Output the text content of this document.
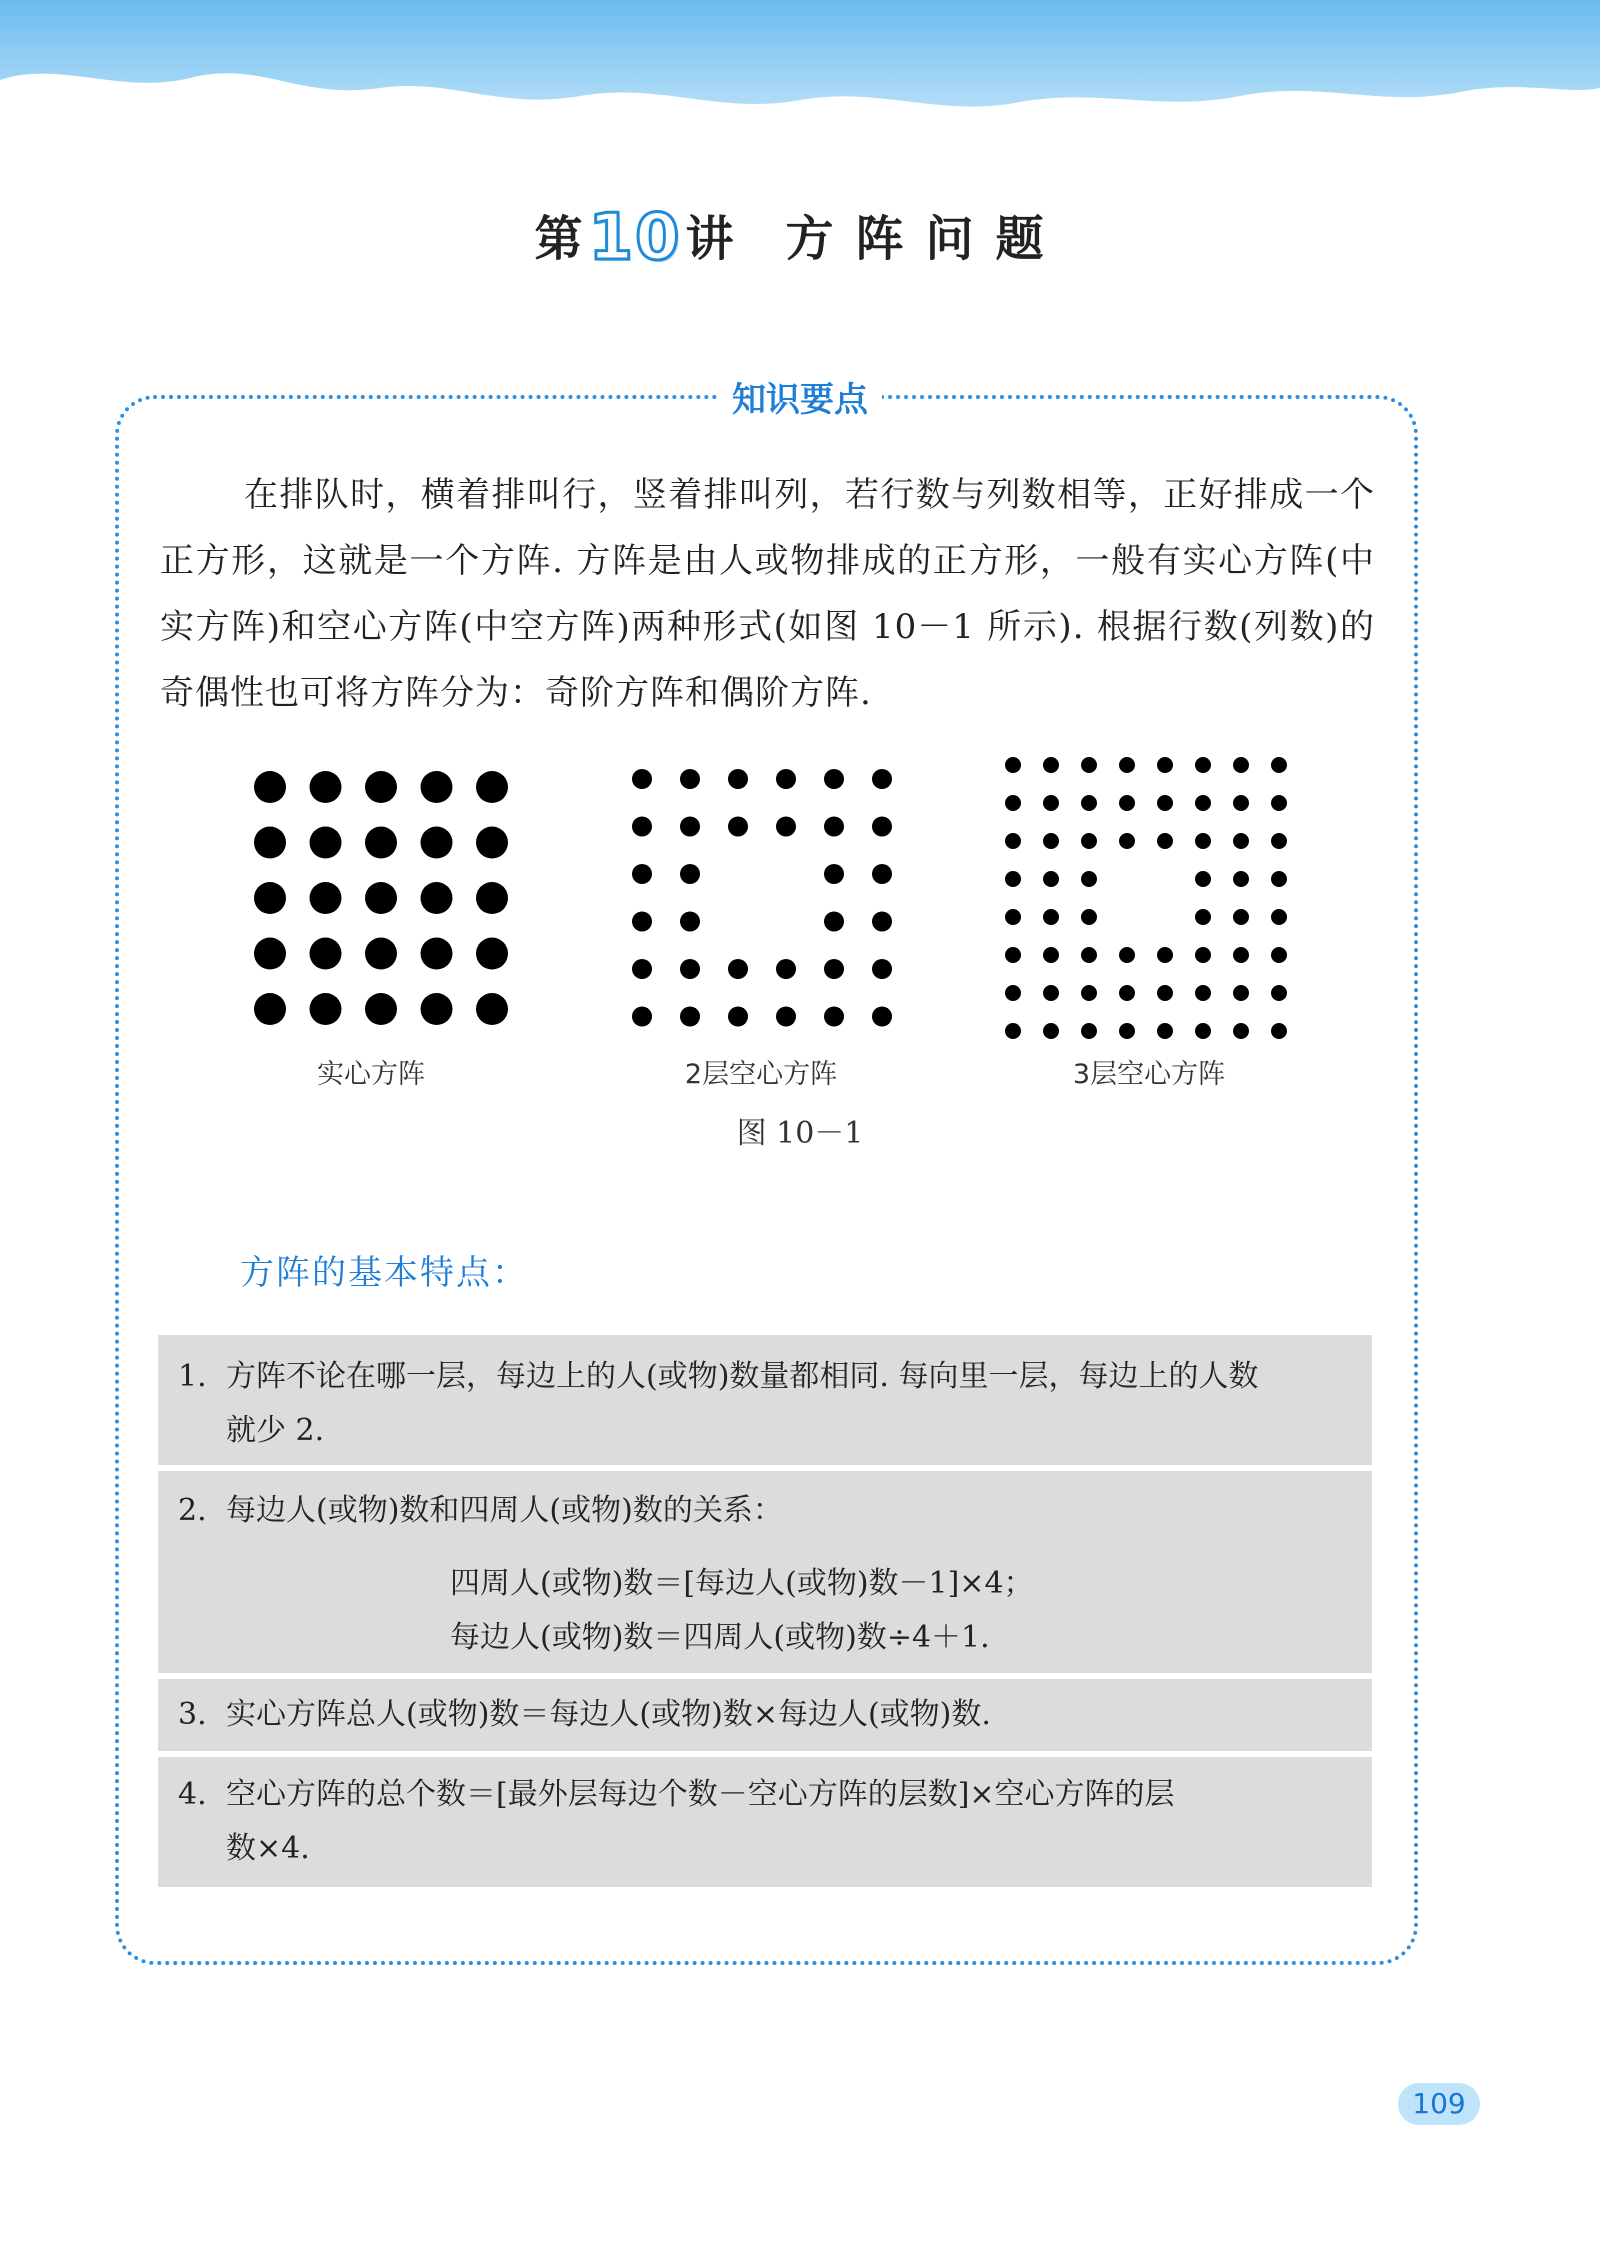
第10讲 方阵问题
知识要点
在排队时，横着排叫行，竖着排叫列，若行数与列数相等，正好排成一个正方形，这就是一个方阵. 方阵是由人或物排成的正方形，一般有实心方阵(中实方阵)和空心方阵(中空方阵)两种形式(如图 10－1 所示). 根据行数(列数)的奇偶性也可将方阵分为：奇阶方阵和偶阶方阵.
实心方阵	2层空心方阵	3层空心方阵
图 10－1
方阵的基本特点：
1. 方阵不论在哪一层，每边上的人(或物)数量都相同. 每向里一层，每边上的人数
就少 2.
2. 每边人(或物)数和四周人(或物)数的关系：
四周人(或物)数＝[每边人(或物)数－1]×4；
每边人(或物)数＝四周人(或物)数÷4＋1.
3. 实心方阵总人(或物)数＝每边人(或物)数×每边人(或物)数.
4. 空心方阵的总个数＝[最外层每边个数－空心方阵的层数]×空心方阵的层
数×4.
109
